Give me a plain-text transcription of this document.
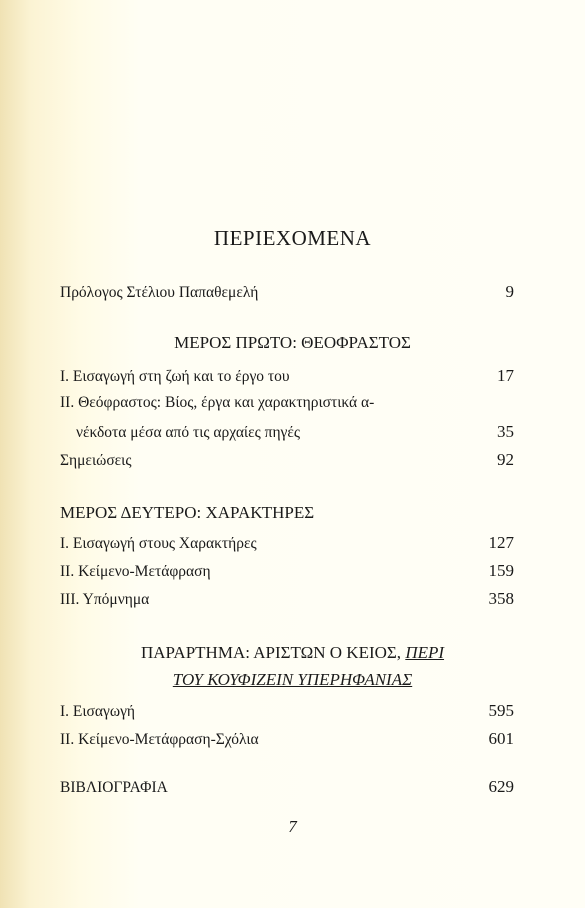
ΠΕΡΙΕΧΟΜΕΝΑ
Πρόλογος Στέλιου Παπαθεμελή	9
ΜΕΡΟΣ ΠΡΩΤΟ: ΘΕΟΦΡΑΣΤΟΣ
Ι. Εισαγωγή στη ζωή και το έργο του	17
ΙΙ. Θεόφραστος: Βίος, έργα και χαρακτηριστικά α-
νέκδοτα μέσα από τις αρχαίες πηγές	35
Σημειώσεις	92
ΜΕΡΟΣ ΔΕΥΤΕΡΟ: ΧΑΡΑΚΤΗΡΕΣ
Ι. Εισαγωγή στους Χαρακτήρες	127
ΙΙ. Κείμενο-Μετάφραση	159
ΙΙΙ. Υπόμνημα	358
ΠΑΡΑΡΤΗΜΑ: ΑΡΙΣΤΩΝ Ο ΚΕΙΟΣ, ΠΕΡΙ
ΤΟΥ ΚΟΥΦΙΖΕΙΝ ΥΠΕΡΗΦΑΝΙΑΣ
Ι. Εισαγωγή	595
ΙΙ. Κείμενο-Μετάφραση-Σχόλια	601
ΒΙΒΛΙΟΓΡΑΦΙΑ	629
7
